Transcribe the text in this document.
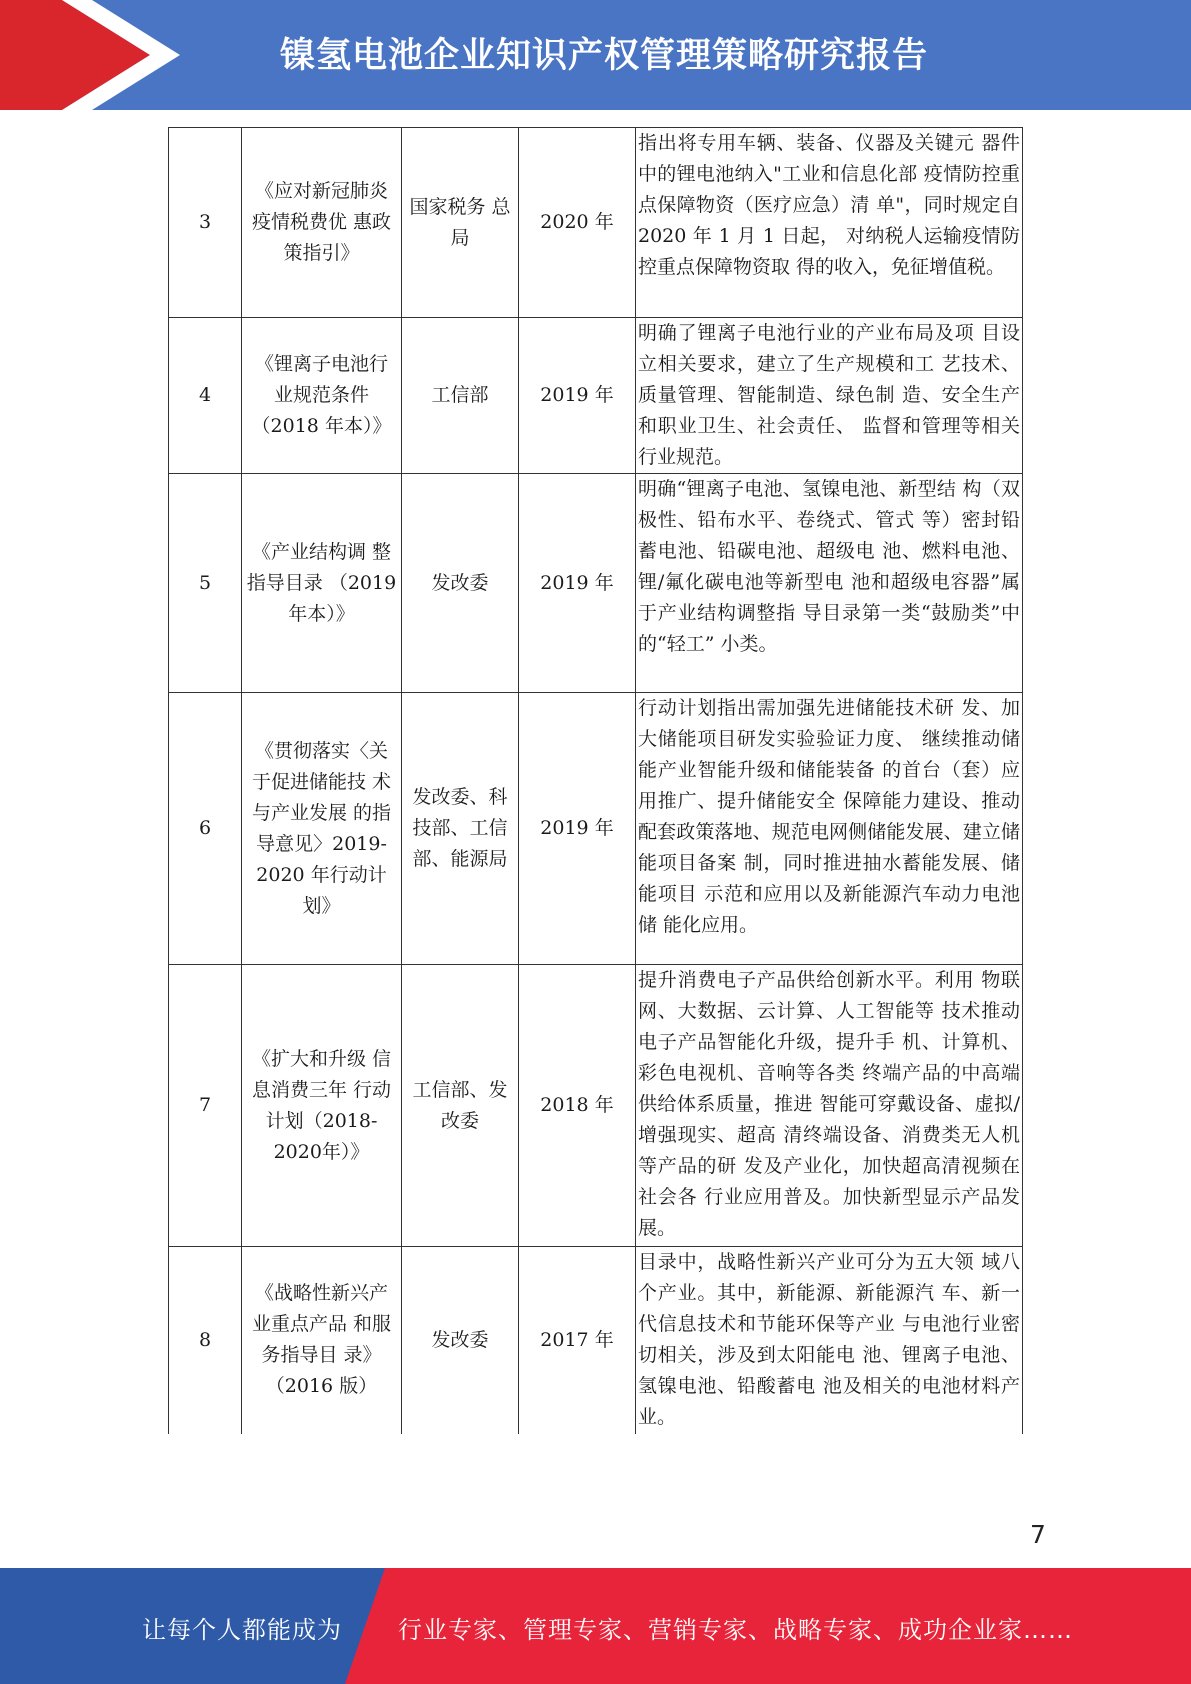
镍氢电池企业知识产权管理策略研究报告
3	《应对新冠肺炎疫情税费优 惠政策指引》	国家税务 总局	2020 年	指出将专用车辆、装备、仪器及关键元 器件中的锂电池纳入"工业和信息化部 疫情防控重点保障物资（医疗应急）清 单"，同时规定自 2020 年 1 月 1 日起， 对纳税人运输疫情防控重点保障物资取 得的收入，免征增值税。
4	《锂离子电池行业规范条件（2018 年本）》	工信部	2019 年	明确了锂离子电池行业的产业布局及项 目设立相关要求，建立了生产规模和工 艺技术、质量管理、智能制造、绿色制 造、安全生产和职业卫生、社会责任、 监督和管理等相关行业规范。
5	《产业结构调 整指导目录 （2019 年本）》	发改委	2019 年	明确“锂离子电池、氢镍电池、新型结 构（双极性、铅布水平、卷绕式、管式 等）密封铅蓄电池、铅碳电池、超级电 池、燃料电池、锂/氟化碳电池等新型电 池和超级电容器”属于产业结构调整指 导目录第一类“鼓励类”中的“轻工” 小类。
6	《贯彻落实〈关于促进储能技 术与产业发展 的指导意见〉2019-2020 年行动计划》	发改委、科技部、工信部、能源局	2019 年	行动计划指出需加强先进储能技术研 发、加大储能项目研发实验验证力度、 继续推动储能产业智能升级和储能装备 的首台（套）应用推广、提升储能安全 保障能力建设、推动配套政策落地、规范电网侧储能发展、建立储能项目备案 制，同时推进抽水蓄能发展、储能项目 示范和应用以及新能源汽车动力电池储 能化应用。
7	《扩大和升级 信息消费三年 行动计划（2018-2020年）》	工信部、发改委	2018 年	提升消费电子产品供给创新水平。利用 物联网、大数据、云计算、人工智能等 技术推动电子产品智能化升级，提升手 机、计算机、彩色电视机、音响等各类 终端产品的中高端供给体系质量，推进 智能可穿戴设备、虚拟/增强现实、超高 清终端设备、消费类无人机等产品的研 发及产业化，加快超高清视频在社会各 行业应用普及。加快新型显示产品发展。
8	《战略性新兴产业重点产品 和服务指导目 录》（2016 版）	发改委	2017 年	目录中，战略性新兴产业可分为五大领 域八个产业。其中，新能源、新能源汽 车、新一代信息技术和节能环保等产业 与电池行业密切相关，涉及到太阳能电 池、锂离子电池、氢镍电池、铅酸蓄电 池及相关的电池材料产业。
7
让每个人都能成为 行业专家、管理专家、营销专家、战略专家、成功企业家……
